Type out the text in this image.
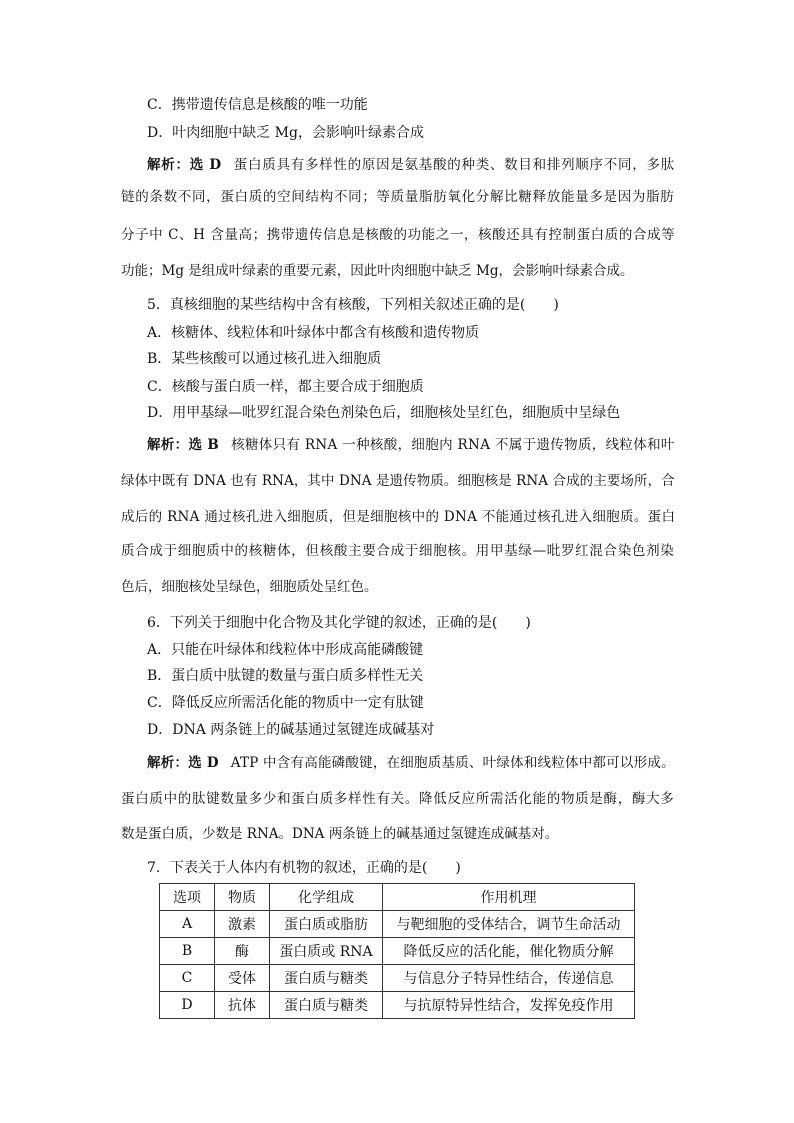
C．携带遗传信息是核酸的唯一功能
D．叶肉细胞中缺乏 Mg，会影响叶绿素合成
解析：选 D 蛋白质具有多样性的原因是氨基酸的种类、数目和排列顺序不同，多肽
链的条数不同，蛋白质的空间结构不同；等质量脂肪氧化分解比糖释放能量多是因为脂肪
分子中 C、H 含量高；携带遗传信息是核酸的功能之一，核酸还具有控制蛋白质的合成等
功能；Mg 是组成叶绿素的重要元素，因此叶肉细胞中缺乏 Mg，会影响叶绿素合成。
5．真核细胞的某些结构中含有核酸，下列相关叙述正确的是(　　)
A．核糖体、线粒体和叶绿体中都含有核酸和遗传物质
B．某些核酸可以通过核孔进入细胞质
C．核酸与蛋白质一样，都主要合成于细胞质
D．用甲基绿—吡罗红混合染色剂染色后，细胞核处呈红色，细胞质中呈绿色
解析：选 B 核糖体只有 RNA 一种核酸，细胞内 RNA 不属于遗传物质，线粒体和叶
绿体中既有 DNA 也有 RNA，其中 DNA 是遗传物质。细胞核是 RNA 合成的主要场所，合
成后的 RNA 通过核孔进入细胞质，但是细胞核中的 DNA 不能通过核孔进入细胞质。蛋白
质合成于细胞质中的核糖体，但核酸主要合成于细胞核。用甲基绿—吡罗红混合染色剂染
色后，细胞核处呈绿色，细胞质处呈红色。
6．下列关于细胞中化合物及其化学键的叙述，正确的是(　　)
A．只能在叶绿体和线粒体中形成高能磷酸键
B．蛋白质中肽键的数量与蛋白质多样性无关
C．降低反应所需活化能的物质中一定有肽键
D．DNA 两条链上的碱基通过氢键连成碱基对
解析：选 D ATP 中含有高能磷酸键，在细胞质基质、叶绿体和线粒体中都可以形成。
蛋白质中的肽键数量多少和蛋白质多样性有关。降低反应所需活化能的物质是酶，酶大多
数是蛋白质，少数是 RNA。DNA 两条链上的碱基通过氢键连成碱基对。
7．下表关于人体内有机物的叙述，正确的是(　　)
选项	物质	化学组成	作用机理
A	激素	蛋白质或脂肪	与靶细胞的受体结合，调节生命活动
B	酶	蛋白质或 RNA	降低反应的活化能，催化物质分解
C	受体	蛋白质与糖类	与信息分子特异性结合，传递信息
D	抗体	蛋白质与糖类	与抗原特异性结合，发挥免疫作用
